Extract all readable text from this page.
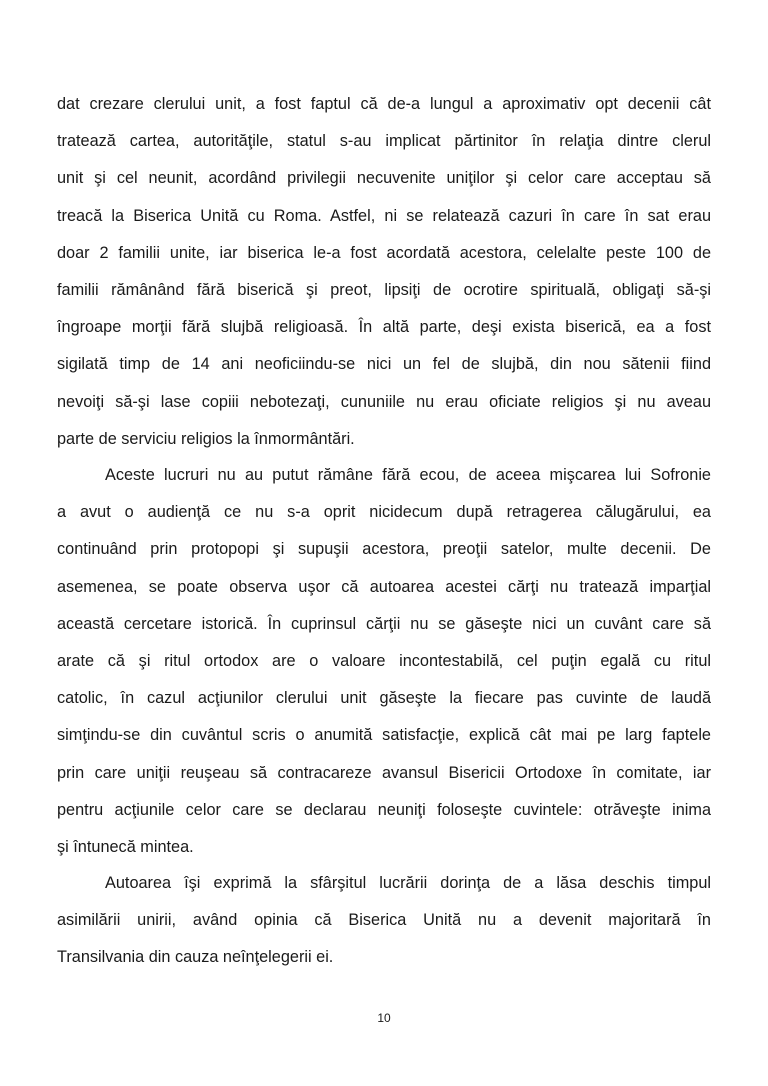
dat crezare clerului unit, a fost faptul că de-a lungul a aproximativ opt decenii cât
tratează cartea, autorităţile, statul s-au implicat părtinitor în relaţia dintre clerul
unit şi cel neunit, acordând privilegii necuvenite uniţilor şi celor care acceptau să
treacă la Biserica Unită cu Roma. Astfel, ni se relatează cazuri în care în sat erau
doar 2 familii unite, iar biserica le-a fost acordată acestora, celelalte peste 100 de
familii rămânând fără biserică şi preot, lipsiţi de ocrotire spirituală, obligaţi să-şi
îngroape morţii fără slujbă religioasă. În altă parte, deşi exista biserică, ea a fost
sigilată timp de 14 ani neoficiindu-se nici un fel de slujbă, din nou sătenii fiind
nevoiţi să-şi lase copiii nebotezaţi, cununiile nu erau oficiate religios şi nu aveau
parte de serviciu religios la înmormântări.
Aceste lucruri nu au putut rămâne fără ecou, de aceea mişcarea lui Sofronie
a avut o audienţă ce nu s-a oprit nicidecum după retragerea călugărului, ea
continuând prin protopopi şi supuşii acestora, preoţii satelor, multe decenii. De
asemenea, se poate observa uşor că autoarea acestei cărţi nu tratează imparţial
această cercetare istorică. În cuprinsul cărţii nu se găseşte nici un cuvânt care să
arate că şi ritul ortodox are o valoare incontestabilă, cel puţin egală cu ritul
catolic, în cazul acţiunilor clerului unit găseşte la fiecare pas cuvinte de laudă
simţindu-se din cuvântul scris o anumită satisfacţie, explică cât mai pe larg faptele
prin care uniţii reuşeau să contracareze avansul Bisericii Ortodoxe în comitate, iar
pentru acţiunile celor care se declarau neuniţi foloseşte cuvintele: otrăveşte inima
şi întunecă mintea.
Autoarea îşi exprimă la sfârşitul lucrării dorinţa de a lăsa deschis timpul
asimilării unirii, având opinia că Biserica Unită nu a devenit majoritară în
Transilvania din cauza neînţelegerii ei.
10
